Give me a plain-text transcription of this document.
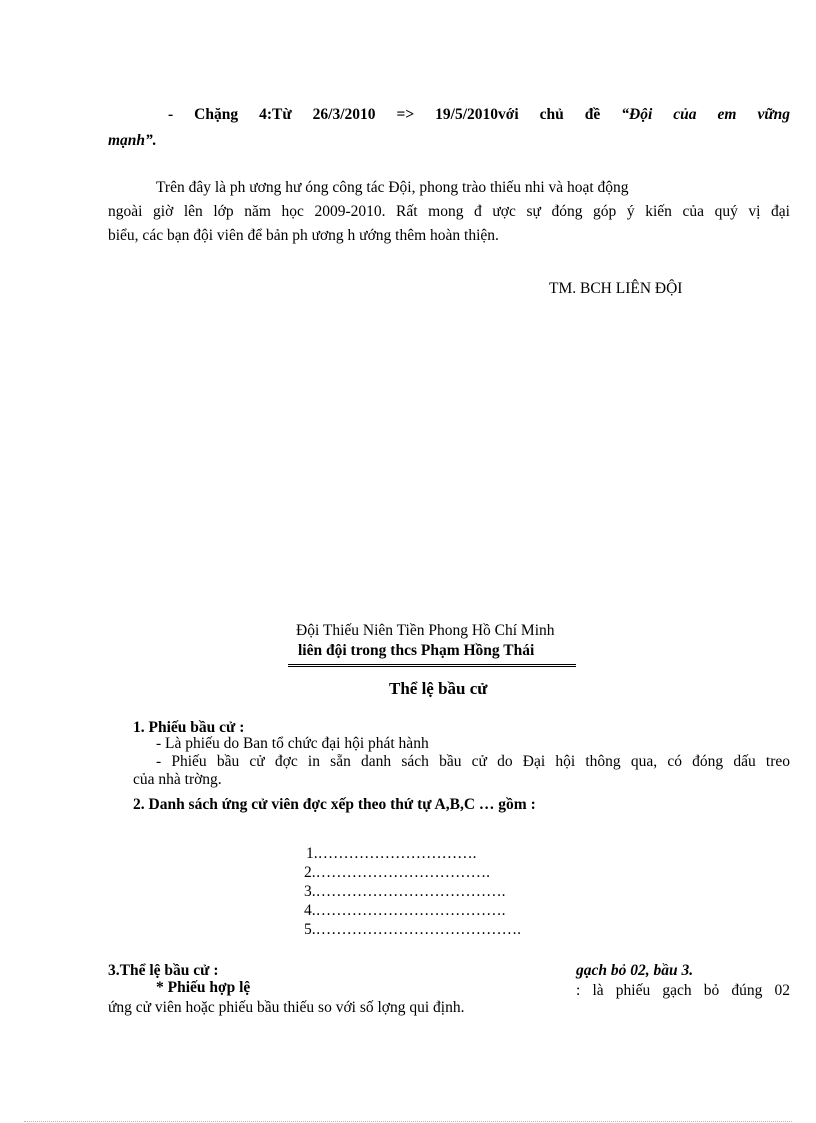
- Chặng 4:Từ 26/3/2010 => 19/5/2010với chủ đề “Đội của em vững
mạnh”.
Trên đây là ph ương hư óng công tác Đội, phong trào thiếu nhi và hoạt động
ngoài giờ lên lớp năm học 2009-2010. Rất mong đ ược sự đóng góp ý kiến của quý vị đại
biểu, các bạn đội viên để bản ph ương h ướng thêm hoàn thiện.
TM. BCH LIÊN ĐỘI
Đội Thiếu Niên Tiền Phong Hồ Chí Minh
liên đội trong thcs Phạm Hồng Thái
Thể lệ bầu cử
1. Phiếu bầu cử :
- Là phiếu do Ban tổ chức đại hội phát hành
- Phiếu bầu cử đợc in sẵn danh sách bầu cử do Đại hội thông qua, có đóng dấu treo
của nhà trờng.
2. Danh sách ứng cử viên đợc xếp theo thứ tự A,B,C … gồm :
1.………………………….
2.…………………………….
3.……………………………….
4.……………………………….
5.………………………………….
3.Thể lệ bầu cử :	gạch bỏ 02, bầu 3.
* Phiếu hợp lệ	: là phiếu gạch bỏ đúng 02
ứng cử viên hoặc phiếu bầu thiếu so với số lợng qui định.
